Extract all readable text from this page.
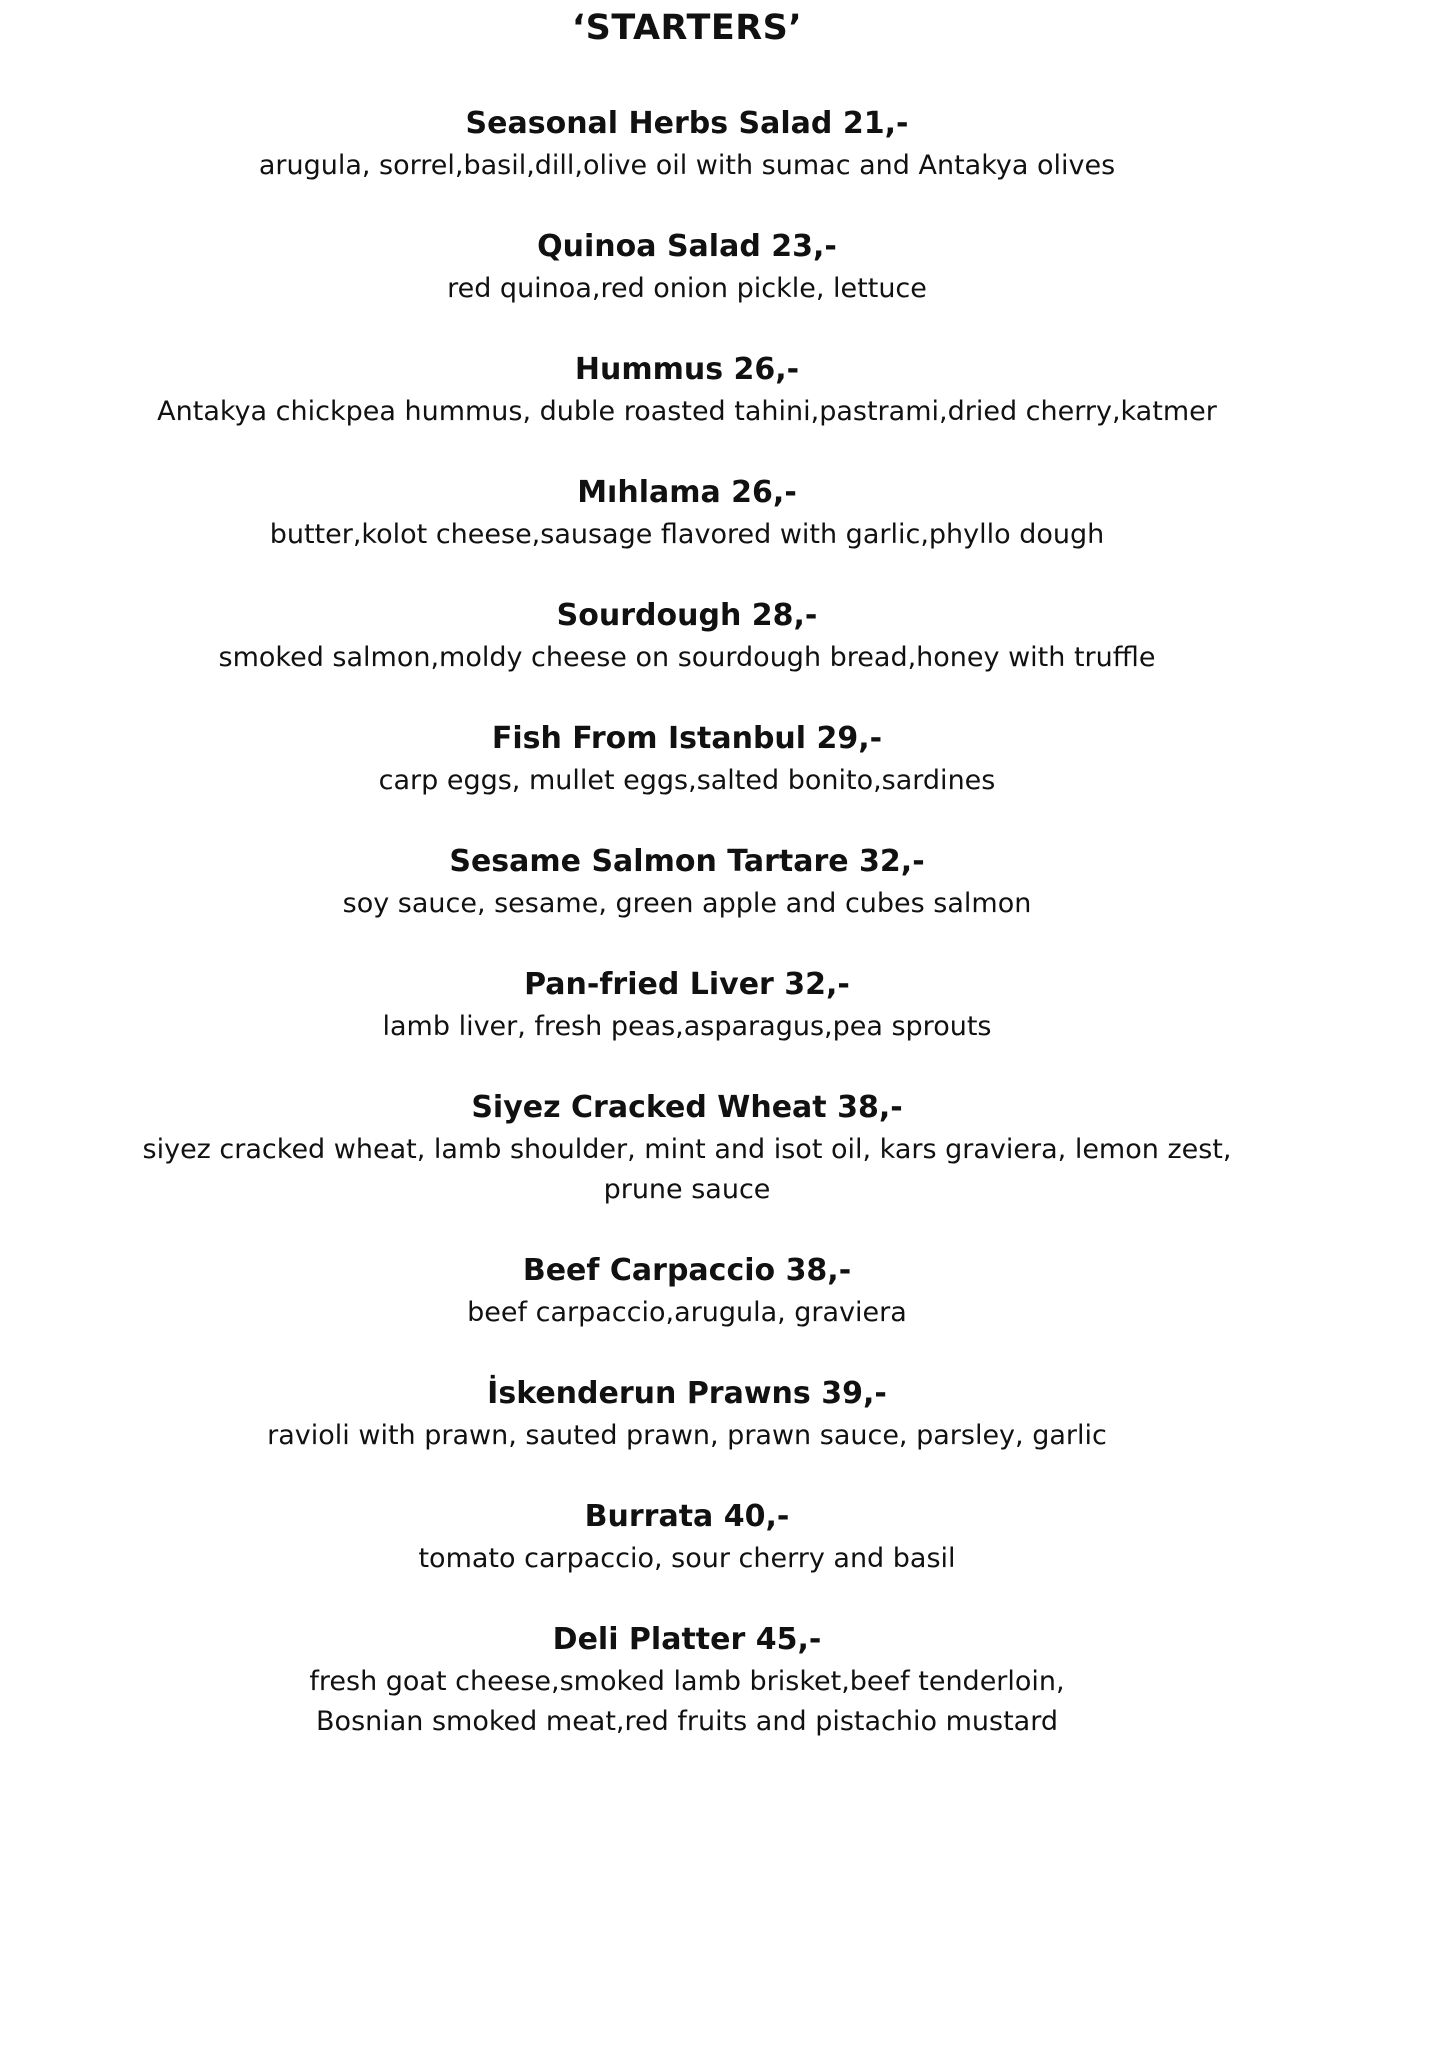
‘STARTERS’
Seasonal Herbs Salad 21,-
arugula, sorrel,basil,dill,olive oil with sumac and Antakya olives
Quinoa Salad 23,-
red quinoa,red onion pickle, lettuce
Hummus 26,-
Antakya chickpea hummus, duble roasted tahini,pastrami,dried cherry,katmer
Mıhlama 26,-
butter,kolot cheese,sausage flavored with garlic,phyllo dough
Sourdough 28,-
smoked salmon,moldy cheese on sourdough bread,honey with truffle
Fish From Istanbul 29,-
carp eggs, mullet eggs,salted bonito,sardines
Sesame Salmon Tartare 32,-
soy sauce, sesame, green apple and cubes salmon
Pan-fried Liver 32,-
lamb liver, fresh peas,asparagus,pea sprouts
Siyez Cracked Wheat 38,-
siyez cracked wheat, lamb shoulder, mint and isot oil, kars graviera, lemon zest,
prune sauce
Beef Carpaccio 38,-
beef carpaccio,arugula, graviera
İskenderun Prawns 39,-
ravioli with prawn, sauted prawn, prawn sauce, parsley, garlic
Burrata 40,-
tomato carpaccio, sour cherry and basil
Deli Platter 45,-
fresh goat cheese,smoked lamb brisket,beef tenderloin,
Bosnian smoked meat,red fruits and pistachio mustard
